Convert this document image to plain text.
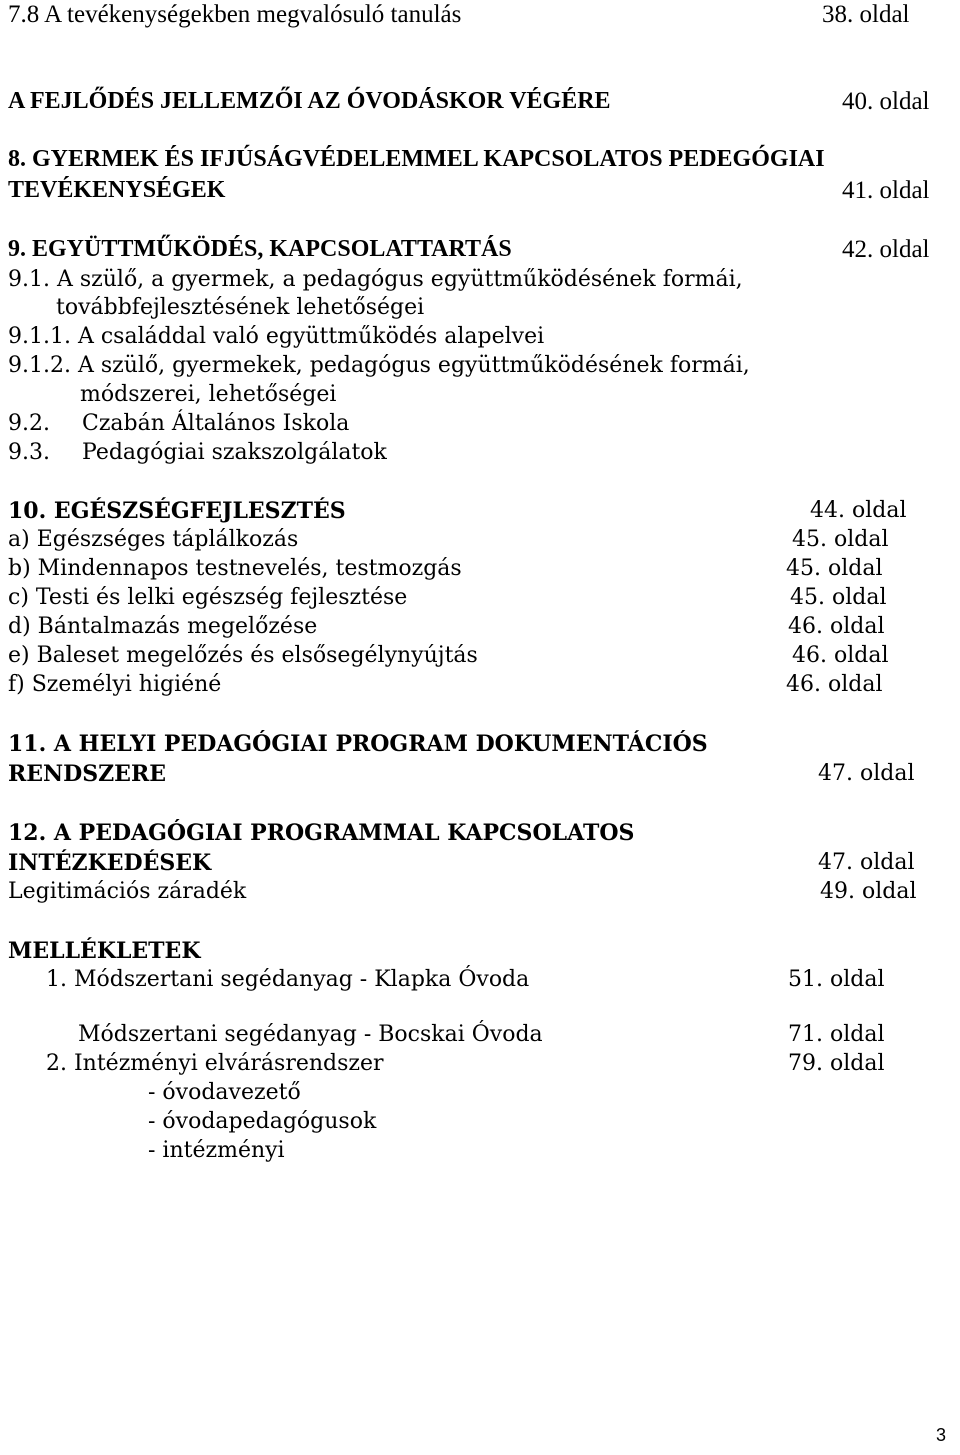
7.8 A tevékenységekben megvalósuló tanulás	38. oldal
A FEJLŐDÉS JELLEMZŐI AZ ÓVODÁSKOR VÉGÉRE	40. oldal
8. GYERMEK ÉS IFJÚSÁGVÉDELEMMEL KAPCSOLATOS PEDEGÓGIAI
TEVÉKENYSÉGEK	41. oldal
9. EGYÜTTMŰKÖDÉS, KAPCSOLATTARTÁS	42. oldal
9.1. A szülő, a gyermek, a pedagógus együttműködésének formái,
továbbfejlesztésének lehetőségei
9.1.1. A családdal való együttműködés alapelvei
9.1.2. A szülő, gyermekek, pedagógus együttműködésének formái,
módszerei, lehetőségei
9.2. Czabán Általános Iskola
9.3. Pedagógiai szakszolgálatok
10. EGÉSZSÉGFEJLESZTÉS	44. oldal
a) Egészséges táplálkozás	45. oldal
b) Mindennapos testnevelés, testmozgás	45. oldal
c) Testi és lelki egészség fejlesztése	45. oldal
d) Bántalmazás megelőzése	46. oldal
e) Baleset megelőzés és elsősegélynyújtás	46. oldal
f) Személyi higiéné	46. oldal
11. A HELYI PEDAGÓGIAI PROGRAM DOKUMENTÁCIÓS
RENDSZERE	47. oldal
12. A PEDAGÓGIAI PROGRAMMAL KAPCSOLATOS
INTÉZKEDÉSEK	47. oldal
Legitimációs záradék	49. oldal
MELLÉKLETEK
1. Módszertani segédanyag - Klapka Óvoda	51. oldal
Módszertani segédanyag - Bocskai Óvoda	71. oldal
2. Intézményi elvárásrendszer	79. oldal
- óvodavezető
- óvodapedagógusok
- intézményi
3
